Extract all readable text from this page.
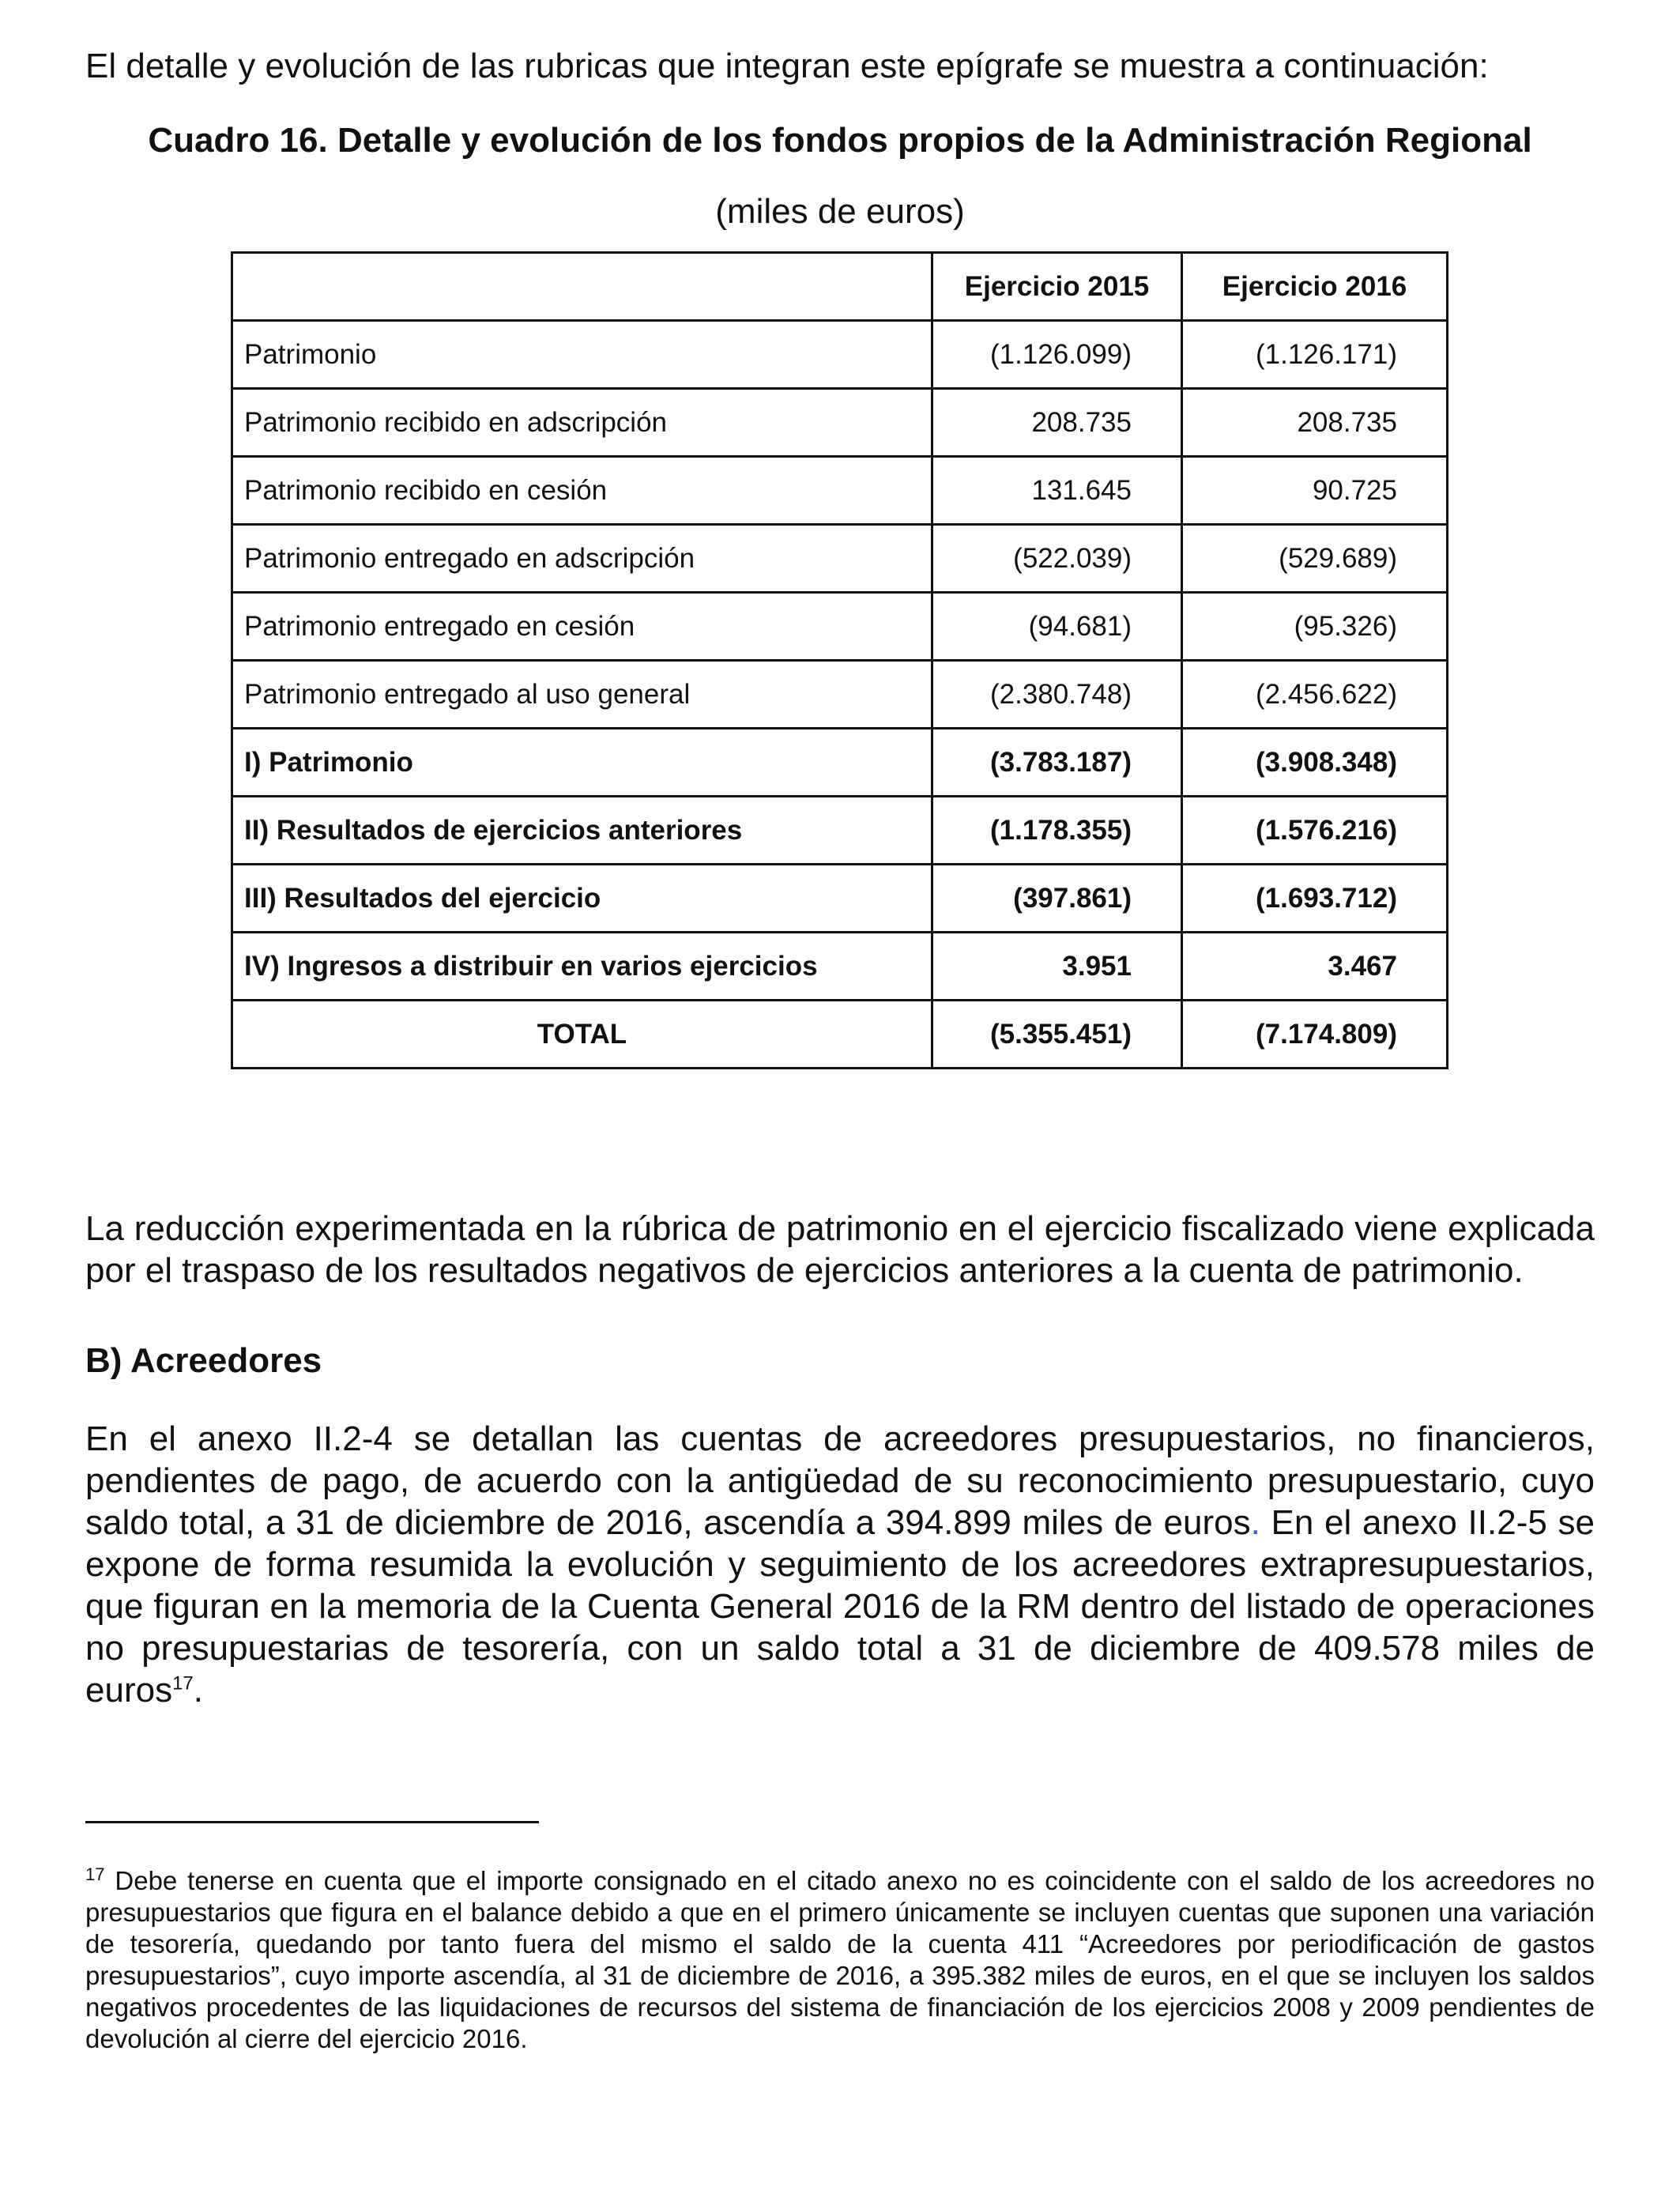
El detalle y evolución de las rubricas que integran este epígrafe se muestra a continuación:

Cuadro 16. Detalle y evolución de los fondos propios de la Administración Regional

(miles de euros)

	Ejercicio 2015	Ejercicio 2016
Patrimonio	(1.126.099)	(1.126.171)
Patrimonio recibido en adscripción	208.735	208.735
Patrimonio recibido en cesión	131.645	90.725
Patrimonio entregado en adscripción	(522.039)	(529.689)
Patrimonio entregado en cesión	(94.681)	(95.326)
Patrimonio entregado al uso general	(2.380.748)	(2.456.622)
I) Patrimonio	(3.783.187)	(3.908.348)
II) Resultados de ejercicios anteriores	(1.178.355)	(1.576.216)
III) Resultados del ejercicio	(397.861)	(1.693.712)
IV) Ingresos a distribuir en varios ejercicios	3.951	3.467
TOTAL	(5.355.451)	(7.174.809)

La reducción experimentada en la rúbrica de patrimonio en el ejercicio fiscalizado viene explicada por el traspaso de los resultados negativos de ejercicios anteriores a la cuenta de patrimonio.

B) Acreedores

En el anexo II.2-4 se detallan las cuentas de acreedores presupuestarios, no financieros, pendientes de pago, de acuerdo con la antigüedad de su reconocimiento presupuestario, cuyo saldo total, a 31 de diciembre de 2016, ascendía a 394.899 miles de euros. En el anexo II.2-5 se expone de forma resumida la evolución y seguimiento de los acreedores extrapresupuestarios, que figuran en la memoria de la Cuenta General 2016 de la RM dentro del listado de operaciones no presupuestarias de tesorería, con un saldo total a 31 de diciembre de 409.578 miles de euros$^{17}$.

$^{17}$ Debe tenerse en cuenta que el importe consignado en el citado anexo no es coincidente con el saldo de los acreedores no presupuestarios que figura en el balance debido a que en el primero únicamente se incluyen cuentas que suponen una variación de tesorería, quedando por tanto fuera del mismo el saldo de la cuenta 411 “Acreedores por periodificación de gastos presupuestarios”, cuyo importe ascendía, al 31 de diciembre de 2016, a 395.382 miles de euros, en el que se incluyen los saldos negativos procedentes de las liquidaciones de recursos del sistema de financiación de los ejercicios 2008 y 2009 pendientes de devolución al cierre del ejercicio 2016.
